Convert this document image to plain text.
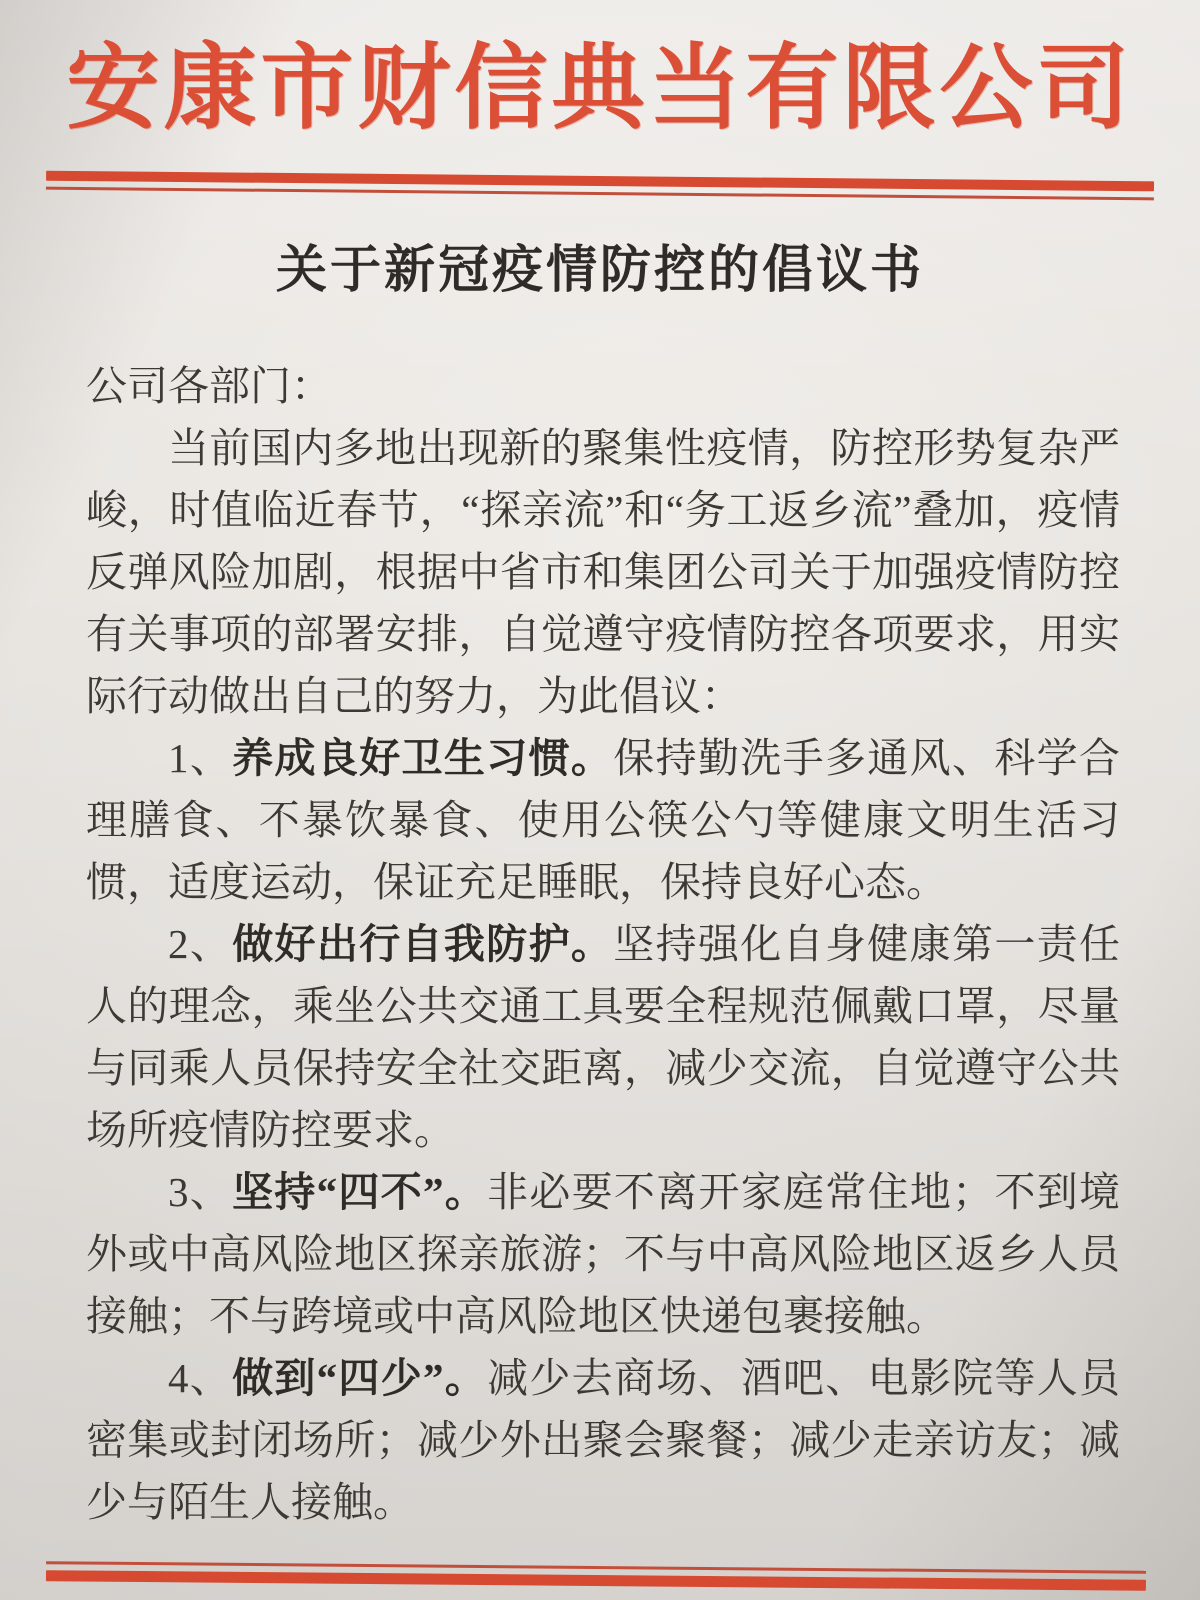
安康市财信典当有限公司
关于新冠疫情防控的倡议书

公司各部门：

当前国内多地出现新的聚集性疫情，防控形势复杂严峻，时值临近春节，“探亲流”和“务工返乡流”叠加，疫情反弹风险加剧，根据中省市和集团公司关于加强疫情防控有关事项的部署安排，自觉遵守疫情防控各项要求，用实际行动做出自己的努力，为此倡议：

1、养成良好卫生习惯。保持勤洗手多通风、科学合理膳食、不暴饮暴食、使用公筷公勺等健康文明生活习惯，适度运动，保证充足睡眠，保持良好心态。

2、做好出行自我防护。坚持强化自身健康第一责任人的理念，乘坐公共交通工具要全程规范佩戴口罩，尽量与同乘人员保持安全社交距离，减少交流，自觉遵守公共场所疫情防控要求。

3、坚持“四不”。非必要不离开家庭常住地；不到境外或中高风险地区探亲旅游；不与中高风险地区返乡人员接触；不与跨境或中高风险地区快递包裹接触。

4、做到“四少”。减少去商场、酒吧、电影院等人员密集或封闭场所；减少外出聚会聚餐；减少走亲访友；减少与陌生人接触。
